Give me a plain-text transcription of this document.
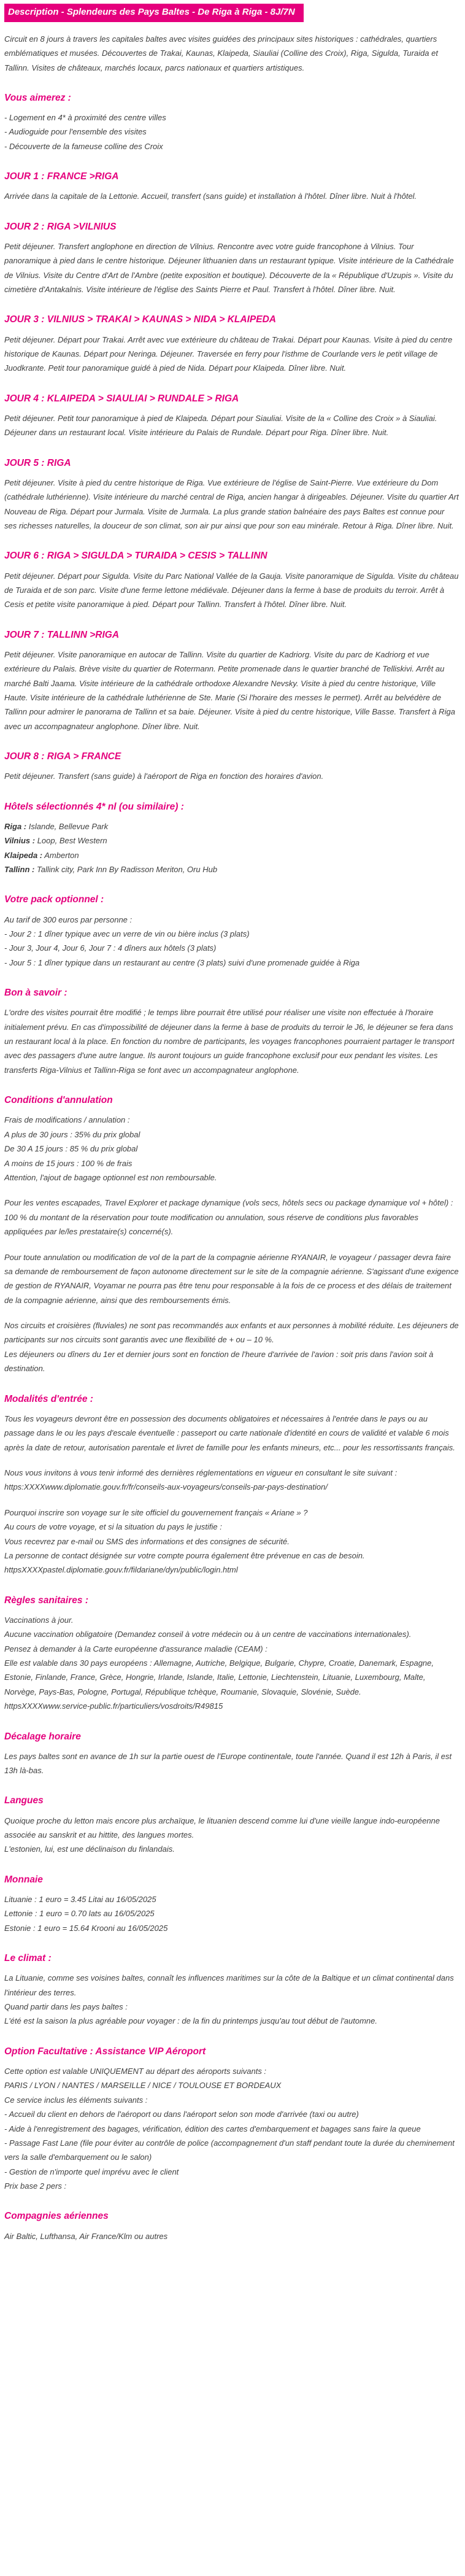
Description - Splendeurs des Pays Baltes - De Riga à Riga - 8J/7N

Circuit en 8 jours à travers les capitales baltes avec visites guidées des principaux sites historiques : cathédrales, quartiers emblématiques et musées. Découvertes de Trakai, Kaunas, Klaipeda, Siauliai (Colline des Croix), Riga, Sigulda, Turaida et Tallinn. Visites de châteaux, marchés locaux, parcs nationaux et quartiers artistiques.

Vous aimerez :

- Logement en 4* à proximité des centre villes

- Audioguide pour l'ensemble des visites

- Découverte de la fameuse colline des Croix

JOUR 1 : FRANCE >RIGA

Arrivée dans la capitale de la Lettonie. Accueil, transfert (sans guide) et installation à l'hôtel. Dîner libre. Nuit à l'hôtel.

JOUR 2 : RIGA >VILNIUS

Petit déjeuner. Transfert anglophone en direction de Vilnius. Rencontre avec votre guide francophone à Vilnius. Tour panoramique à pied dans le centre historique. Déjeuner lithuanien dans un restaurant typique. Visite intérieure de la Cathédrale de Vilnius. Visite du Centre d'Art de l'Ambre (petite exposition et boutique). Découverte de la « République d'Uzupis ». Visite du cimetière d'Antakalnis. Visite intérieure de l'église des Saints Pierre et Paul. Transfert à l'hôtel. Dîner libre. Nuit.

JOUR 3 : VILNIUS > TRAKAI > KAUNAS > NIDA > KLAIPEDA

Petit déjeuner. Départ pour Trakai. Arrêt avec vue extérieure du château de Trakai. Départ pour Kaunas. Visite à pied du centre historique de Kaunas. Départ pour Neringa. Déjeuner. Traversée en ferry pour l'isthme de Courlande vers le petit village de Juodkrante. Petit tour panoramique guidé à pied de Nida. Départ pour Klaipeda. Dîner libre. Nuit.

JOUR 4 : KLAIPEDA > SIAULIAI > RUNDALE > RIGA

Petit déjeuner. Petit tour panoramique à pied de Klaipeda. Départ pour Siauliai. Visite de la « Colline des Croix » à Siauliai. Déjeuner dans un restaurant local. Visite intérieure du Palais de Rundale. Départ pour Riga. Dîner libre. Nuit.

JOUR 5 : RIGA

Petit déjeuner. Visite à pied du centre historique de Riga. Vue extérieure de l'église de Saint-Pierre. Vue extérieure du Dom (cathédrale luthérienne). Visite intérieure du marché central de Riga, ancien hangar à dirigeables. Déjeuner. Visite du quartier Art Nouveau de Riga. Départ pour Jurmala. Visite de Jurmala. La plus grande station balnéaire des pays Baltes est connue pour ses richesses naturelles, la douceur de son climat, son air pur ainsi que pour son eau minérale. Retour à Riga. Dîner libre. Nuit.

JOUR 6 : RIGA > SIGULDA > TURAIDA > CESIS > TALLINN

Petit déjeuner. Départ pour Sigulda. Visite du Parc National Vallée de la Gauja. Visite panoramique de Sigulda. Visite du château de Turaida et de son parc. Visite d'une ferme lettone médiévale. Déjeuner dans la ferme à base de produits du terroir. Arrêt à Cesis et petite visite panoramique à pied. Départ pour Tallinn. Transfert à l'hôtel. Dîner libre. Nuit.

JOUR 7 : TALLINN >RIGA

Petit déjeuner. Visite panoramique en autocar de Tallinn. Visite du quartier de Kadriorg. Visite du parc de Kadriorg et vue extérieure du Palais. Brève visite du quartier de Rotermann. Petite promenade dans le quartier branché de Telliskivi. Arrêt au marché Balti Jaama. Visite intérieure de la cathédrale orthodoxe Alexandre Nevsky. Visite à pied du centre historique, Ville Haute. Visite intérieure de la cathédrale luthérienne de Ste. Marie (Si l'horaire des messes le permet). Arrêt au belvédère de Tallinn pour admirer le panorama de Tallinn et sa baie. Déjeuner. Visite à pied du centre historique, Ville Basse. Transfert à Riga avec un accompagnateur anglophone. Dîner libre. Nuit.

JOUR 8 : RIGA > FRANCE

Petit déjeuner. Transfert (sans guide) à l'aéroport de Riga en fonction des horaires d'avion.

Hôtels sélectionnés 4* nl (ou similaire) :

Riga : Islande, Bellevue Park

Vilnius : Loop, Best Western

Klaipeda : Amberton

Tallinn : Tallink city, Park Inn By Radisson Meriton, Oru Hub

Votre pack optionnel :

Au tarif de 300 euros par personne :

- Jour 2 : 1 dîner typique avec un verre de vin ou bière inclus (3 plats)

- Jour 3, Jour 4, Jour 6, Jour 7 : 4 dîners aux hôtels (3 plats)

- Jour 5 : 1 dîner typique dans un restaurant au centre (3 plats) suivi d'une promenade guidée à Riga

Bon à savoir :

L'ordre des visites pourrait être modifié ; le temps libre pourrait être utilisé pour réaliser une visite non effectuée à l'horaire initialement prévu. En cas d'impossibilité de déjeuner dans la ferme à base de produits du terroir le J6, le déjeuner se fera dans un restaurant local à la place. En fonction du nombre de participants, les voyages francophones pourraient partager le transport avec des passagers d'une autre langue. Ils auront toujours un guide francophone exclusif pour eux pendant les visites. Les transferts Riga-Vilnius et Tallinn-Riga se font avec un accompagnateur anglophone.

Conditions d'annulation

Frais de modifications / annulation :

A plus de 30 jours : 35% du prix global

De 30 A 15 jours : 85 % du prix global

A moins de 15 jours : 100 % de frais

Attention, l'ajout de bagage optionnel est non remboursable.

Pour les ventes escapades, Travel Explorer et package dynamique (vols secs, hôtels secs ou package dynamique vol + hôtel) : 100 % du montant de la réservation pour toute modification ou annulation, sous réserve de conditions plus favorables appliquées par le/les prestataire(s) concerné(s).

Pour toute annulation ou modification de vol de la part de la compagnie aérienne RYANAIR, le voyageur / passager devra faire sa demande de remboursement de façon autonome directement sur le site de la compagnie aérienne. S'agissant d'une exigence de gestion de RYANAIR, Voyamar ne pourra pas être tenu pour responsable à la fois de ce process et des délais de traitement de la compagnie aérienne, ainsi que des remboursements émis.

Nos circuits et croisières (fluviales) ne sont pas recommandés aux enfants et aux personnes à mobilité réduite. Les déjeuners de participants sur nos circuits sont garantis avec une flexibilité de + ou – 10 %.

Les déjeuners ou dîners du 1er et dernier jours sont en fonction de l'heure d'arrivée de l'avion : soit pris dans l'avion soit à destination.

Modalités d'entrée :

Tous les voyageurs devront être en possession des documents obligatoires et nécessaires à l'entrée dans le pays ou au passage dans le ou les pays d'escale éventuelle : passeport ou carte nationale d'identité en cours de validité et valable 6 mois après la date de retour, autorisation parentale et livret de famille pour les enfants mineurs, etc... pour les ressortissants français.

Nous vous invitons à vous tenir informé des dernières réglementations en vigueur en consultant le site suivant : https:XXXXwww.diplomatie.gouv.fr/fr/conseils-aux-voyageurs/conseils-par-pays-destination/

Pourquoi inscrire son voyage sur le site officiel du gouvernement français « Ariane » ?

Au cours de votre voyage, et si la situation du pays le justifie :

Vous recevrez par e-mail ou SMS des informations et des consignes de sécurité.

La personne de contact désignée sur votre compte pourra également être prévenue en cas de besoin.

httpsXXXXpastel.diplomatie.gouv.fr/fildariane/dyn/public/login.html

Règles sanitaires :

Vaccinations à jour.

Aucune vaccination obligatoire (Demandez conseil à votre médecin ou à un centre de vaccinations internationales).

Pensez à demander à la Carte européenne d'assurance maladie (CEAM) :

Elle est valable dans 30 pays européens : Allemagne, Autriche, Belgique, Bulgarie, Chypre, Croatie, Danemark, Espagne, Estonie, Finlande, France, Grèce, Hongrie, Irlande, Islande, Italie, Lettonie, Liechtenstein, Lituanie, Luxembourg, Malte, Norvège, Pays-Bas, Pologne, Portugal, République tchèque, Roumanie, Slovaquie, Slovénie, Suède.

httpsXXXXwww.service-public.fr/particuliers/vosdroits/R49815

Décalage horaire

Les pays baltes sont en avance de 1h sur la partie ouest de l'Europe continentale, toute l'année. Quand il est 12h à Paris, il est 13h là-bas.

Langues

Quoique proche du letton mais encore plus archaïque, le lituanien descend comme lui d'une vieille langue indo-européenne associée au sanskrit et au hittite, des langues mortes.

L'estonien, lui, est une déclinaison du finlandais.

Monnaie

Lituanie : 1 euro = 3.45 Litai au 16/05/2025

Lettonie : 1 euro = 0.70 lats au 16/05/2025

Estonie : 1 euro = 15.64 Krooni au 16/05/2025

Le climat :

La Lituanie, comme ses voisines baltes, connaît les influences maritimes sur la côte de la Baltique et un climat continental dans l'intérieur des terres.

Quand partir dans les pays baltes :

L'été est la saison la plus agréable pour voyager : de la fin du printemps jusqu'au tout début de l'automne.

Option Facultative : Assistance VIP Aéroport

Cette option est valable UNIQUEMENT au départ des aéroports suivants :

PARIS / LYON / NANTES / MARSEILLE / NICE / TOULOUSE ET BORDEAUX

Ce service inclus les éléments suivants :

- Accueil du client en dehors de l'aéroport ou dans l'aéroport selon son mode d'arrivée (taxi ou autre)

- Aide à l'enregistrement des bagages, vérification, édition des cartes d'embarquement et bagages sans faire la queue

- Passage Fast Lane (file pour éviter au contrôle de police (accompagnement d'un staff pendant toute la durée du cheminement vers la salle d'embarquement ou le salon)

- Gestion de n'importe quel imprévu avec le client

Prix base 2 pers :

Compagnies aériennes

Air Baltic, Lufthansa, Air France/Klm ou autres
